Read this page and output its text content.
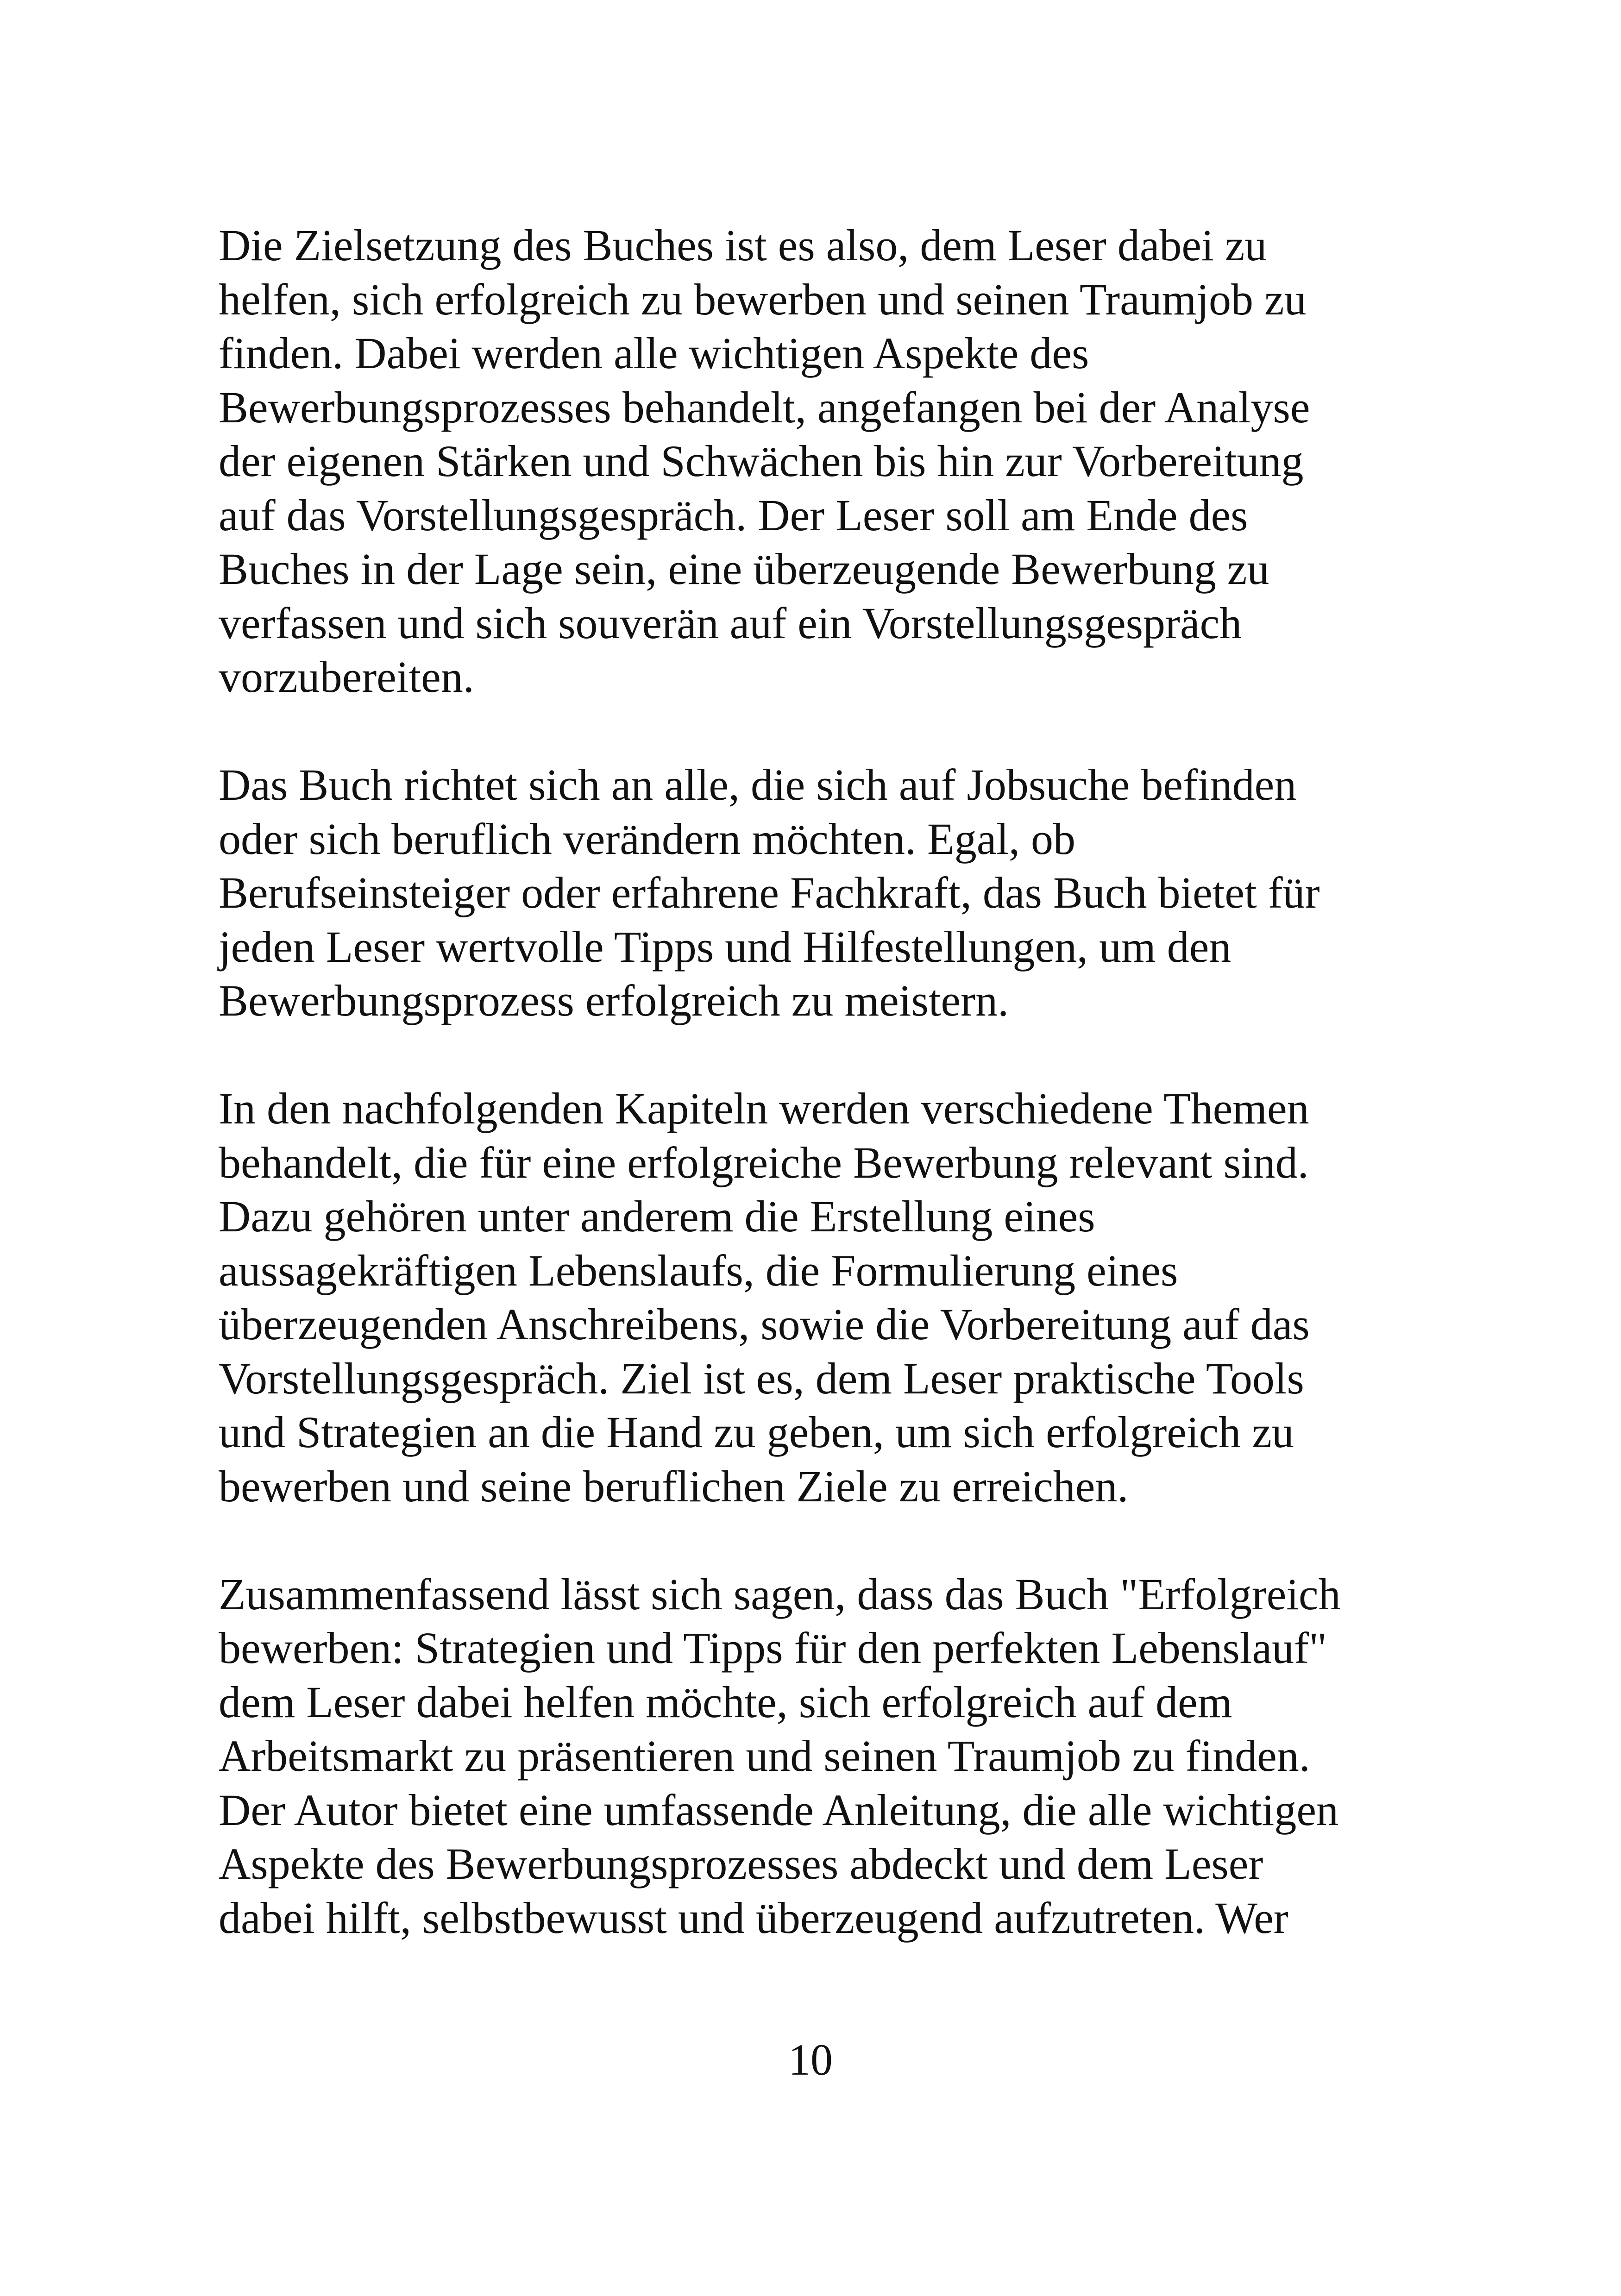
Die Zielsetzung des Buches ist es also, dem Leser dabei zu
helfen, sich erfolgreich zu bewerben und seinen Traumjob zu
finden. Dabei werden alle wichtigen Aspekte des
Bewerbungsprozesses behandelt, angefangen bei der Analyse
der eigenen Stärken und Schwächen bis hin zur Vorbereitung
auf das Vorstellungsgespräch. Der Leser soll am Ende des
Buches in der Lage sein, eine überzeugende Bewerbung zu
verfassen und sich souverän auf ein Vorstellungsgespräch
vorzubereiten.
Das Buch richtet sich an alle, die sich auf Jobsuche befinden
oder sich beruflich verändern möchten. Egal, ob
Berufseinsteiger oder erfahrene Fachkraft, das Buch bietet für
jeden Leser wertvolle Tipps und Hilfestellungen, um den
Bewerbungsprozess erfolgreich zu meistern.
In den nachfolgenden Kapiteln werden verschiedene Themen
behandelt, die für eine erfolgreiche Bewerbung relevant sind.
Dazu gehören unter anderem die Erstellung eines
aussagekräftigen Lebenslaufs, die Formulierung eines
überzeugenden Anschreibens, sowie die Vorbereitung auf das
Vorstellungsgespräch. Ziel ist es, dem Leser praktische Tools
und Strategien an die Hand zu geben, um sich erfolgreich zu
bewerben und seine beruflichen Ziele zu erreichen.
Zusammenfassend lässt sich sagen, dass das Buch "Erfolgreich
bewerben: Strategien und Tipps für den perfekten Lebenslauf"
dem Leser dabei helfen möchte, sich erfolgreich auf dem
Arbeitsmarkt zu präsentieren und seinen Traumjob zu finden.
Der Autor bietet eine umfassende Anleitung, die alle wichtigen
Aspekte des Bewerbungsprozesses abdeckt und dem Leser
dabei hilft, selbstbewusst und überzeugend aufzutreten. Wer
10
